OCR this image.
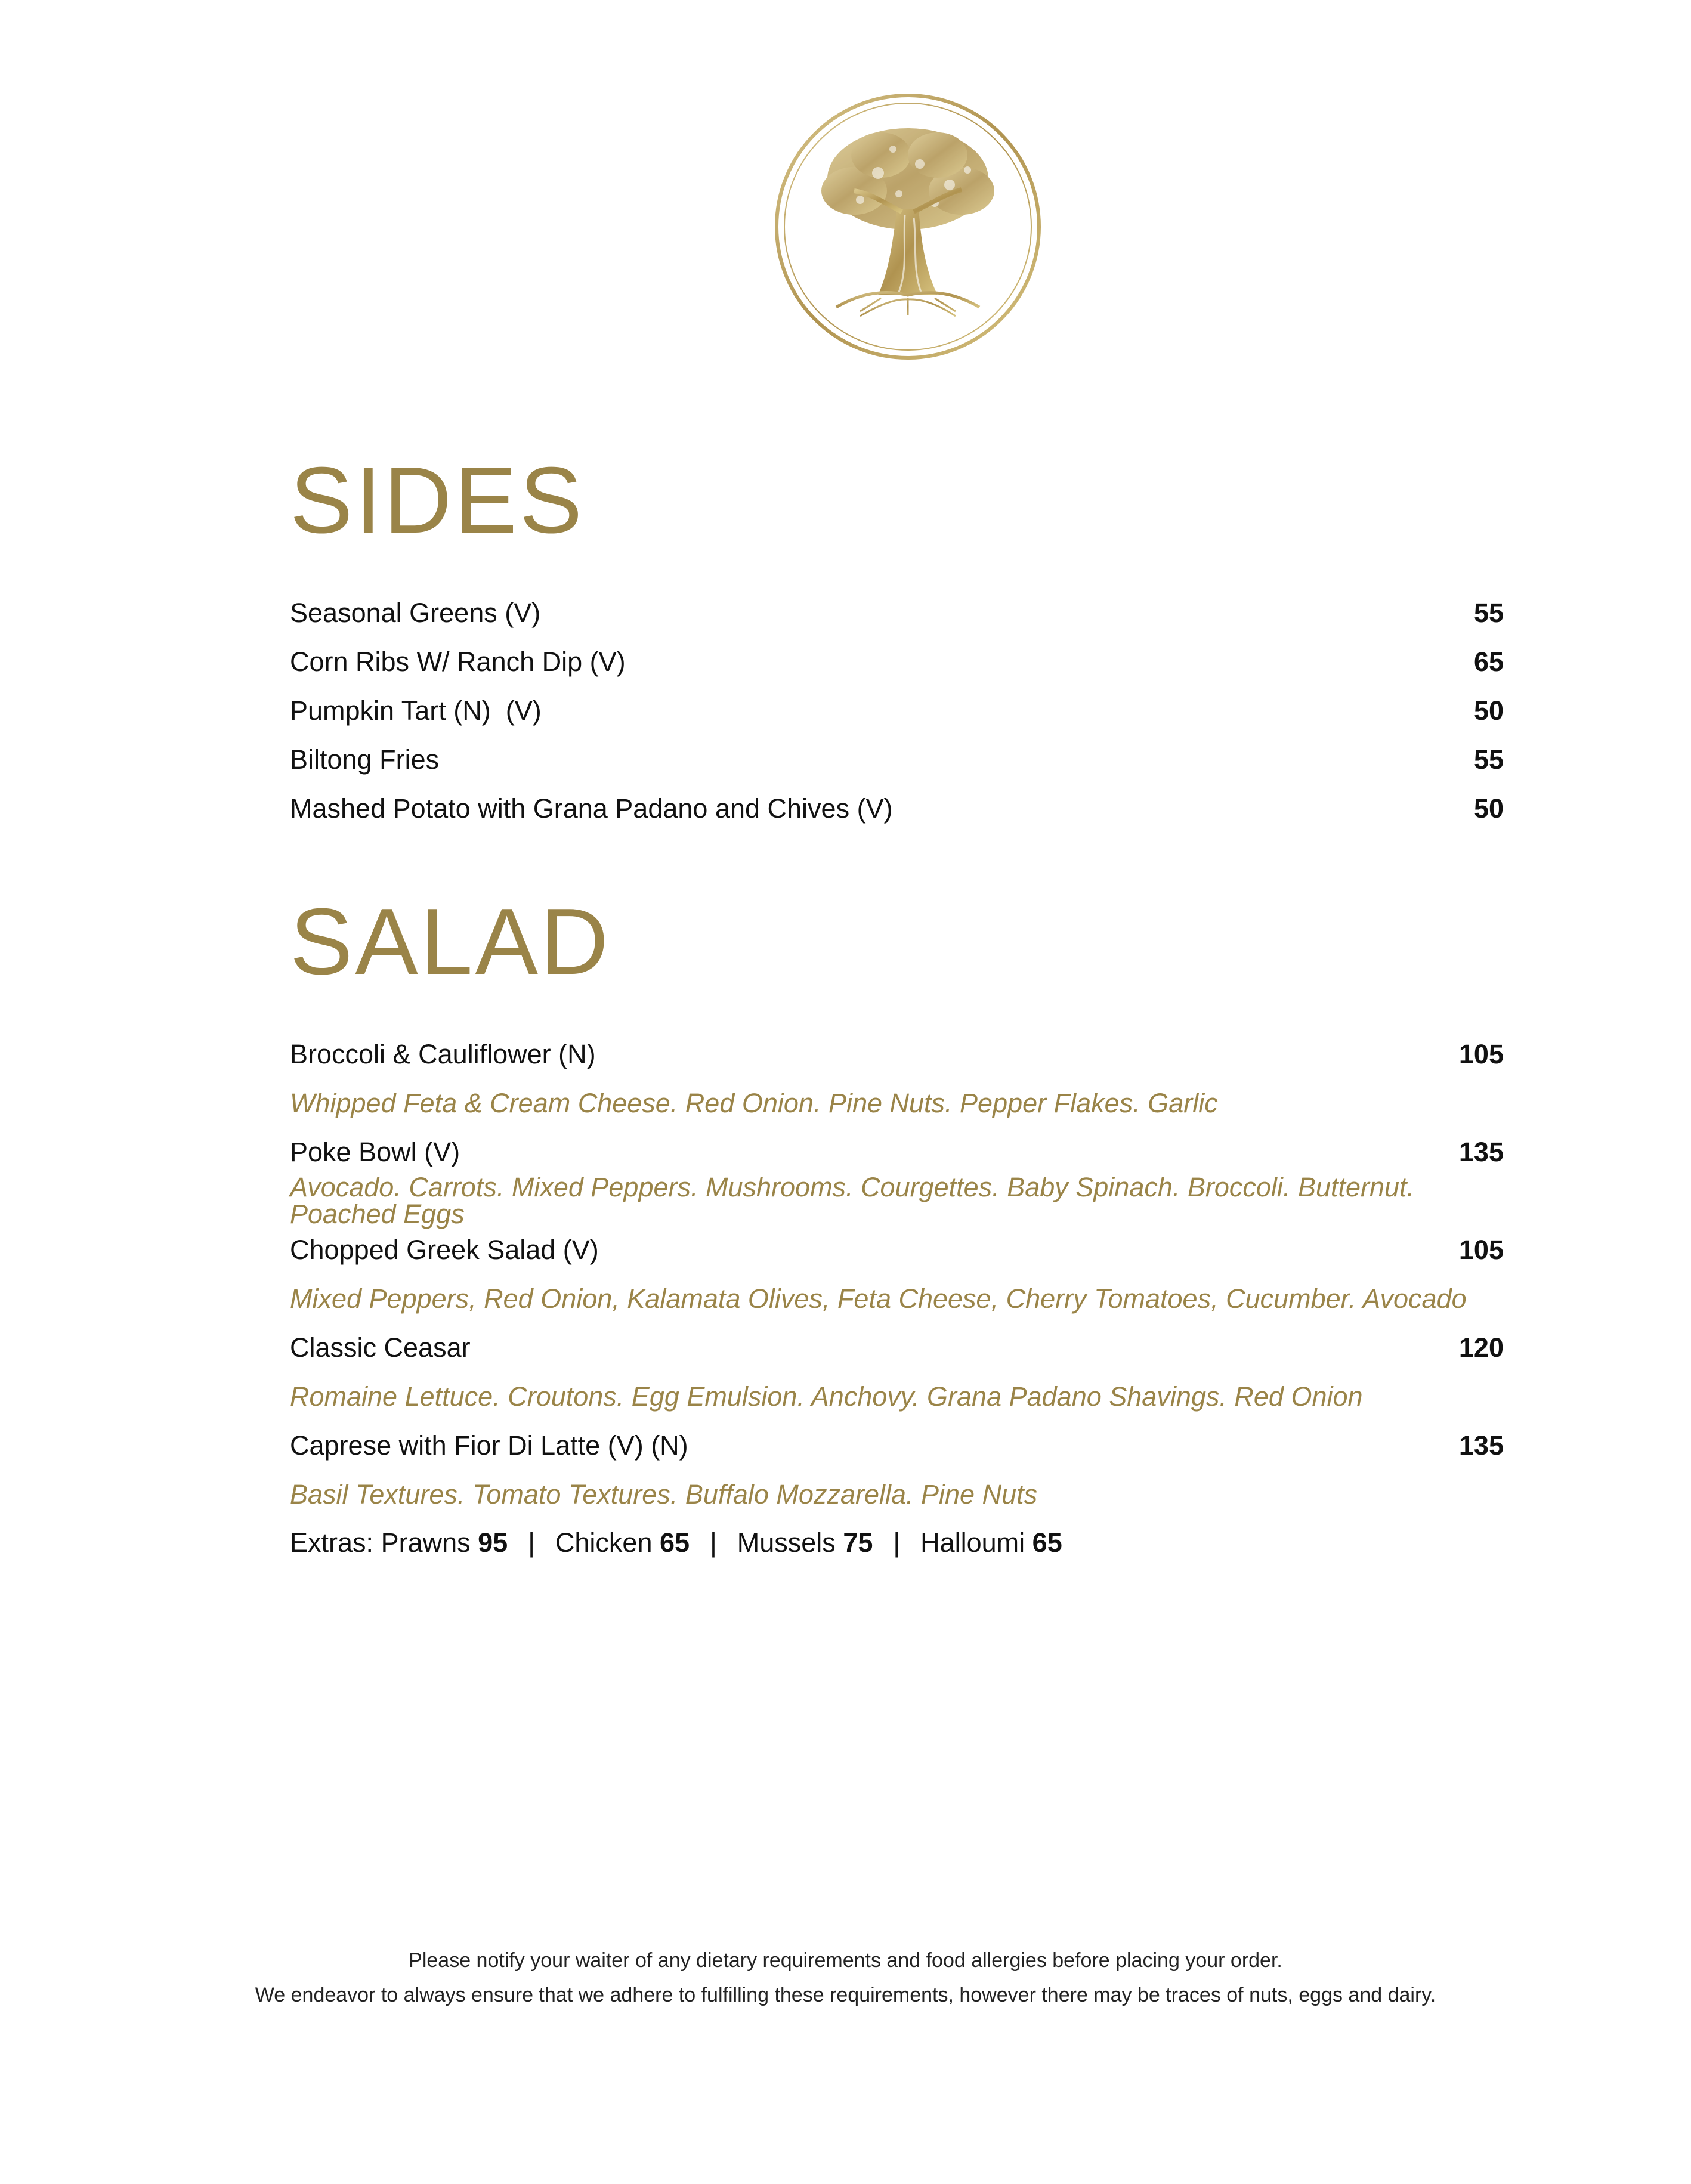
SIDES
Seasonal Greens (V)	55
Corn Ribs W/ Ranch Dip (V)	65
Pumpkin Tart (N)  (V)	50
Biltong Fries	55
Mashed Potato with Grana Padano and Chives (V)	50
SALAD
Broccoli & Cauliflower (N)	105
Whipped Feta & Cream Cheese. Red Onion. Pine Nuts. Pepper Flakes. Garlic
Poke Bowl (V)	135
Avocado. Carrots. Mixed Peppers. Mushrooms. Courgettes. Baby Spinach. Broccoli. Butternut. Poached Eggs
Chopped Greek Salad (V)	105
Mixed Peppers, Red Onion, Kalamata Olives, Feta Cheese, Cherry Tomatoes, Cucumber. Avocado
Classic Ceasar	120
Romaine Lettuce. Croutons. Egg Emulsion. Anchovy. Grana Padano Shavings. Red Onion
Caprese with Fior Di Latte (V) (N)	135
Basil Textures. Tomato Textures. Buffalo Mozzarella. Pine Nuts
Extras:
Prawns
95 | Chicken
65 | Mussels
75 | Halloumi
65
Please notify your waiter of any dietary requirements and food allergies before placing your order.
We endeavor to always ensure that we adhere to fulfilling these requirements, however there may be traces of nuts, eggs and dairy.
